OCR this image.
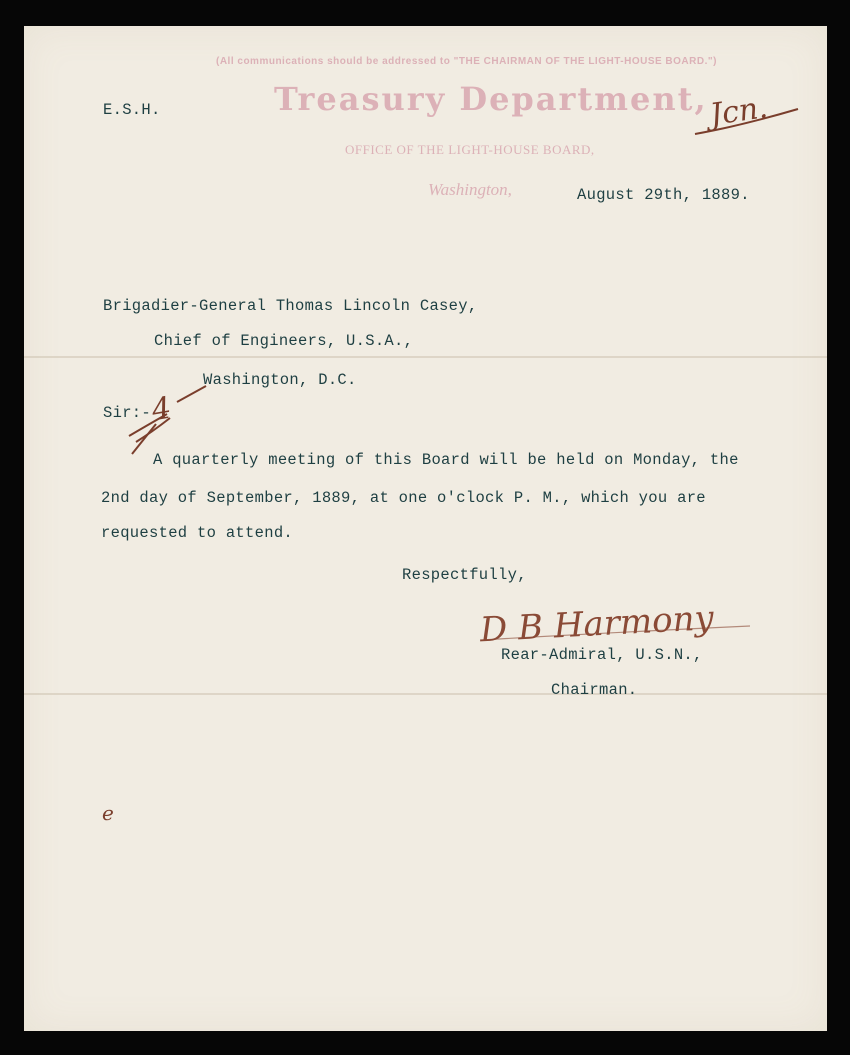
(All communications should be addressed to "THE CHAIRMAN OF THE LIGHT-HOUSE BOARD.")
Treasury Department,
OFFICE OF THE LIGHT-HOUSE BOARD,
Washington,
E.S.H.
August 29th, 1889.
Jcn.
Brigadier-General Thomas Lincoln Casey,
Chief of Engineers, U.S.A.,
Washington, D.C.
Sir:-
4
A quarterly meeting of this Board will be held on Monday, the
2nd day of September, 1889, at one o'clock P. M., which you are
requested to attend.
Respectfully,
D B Harmony
Rear-Admiral, U.S.N.,
Chairman.
e
